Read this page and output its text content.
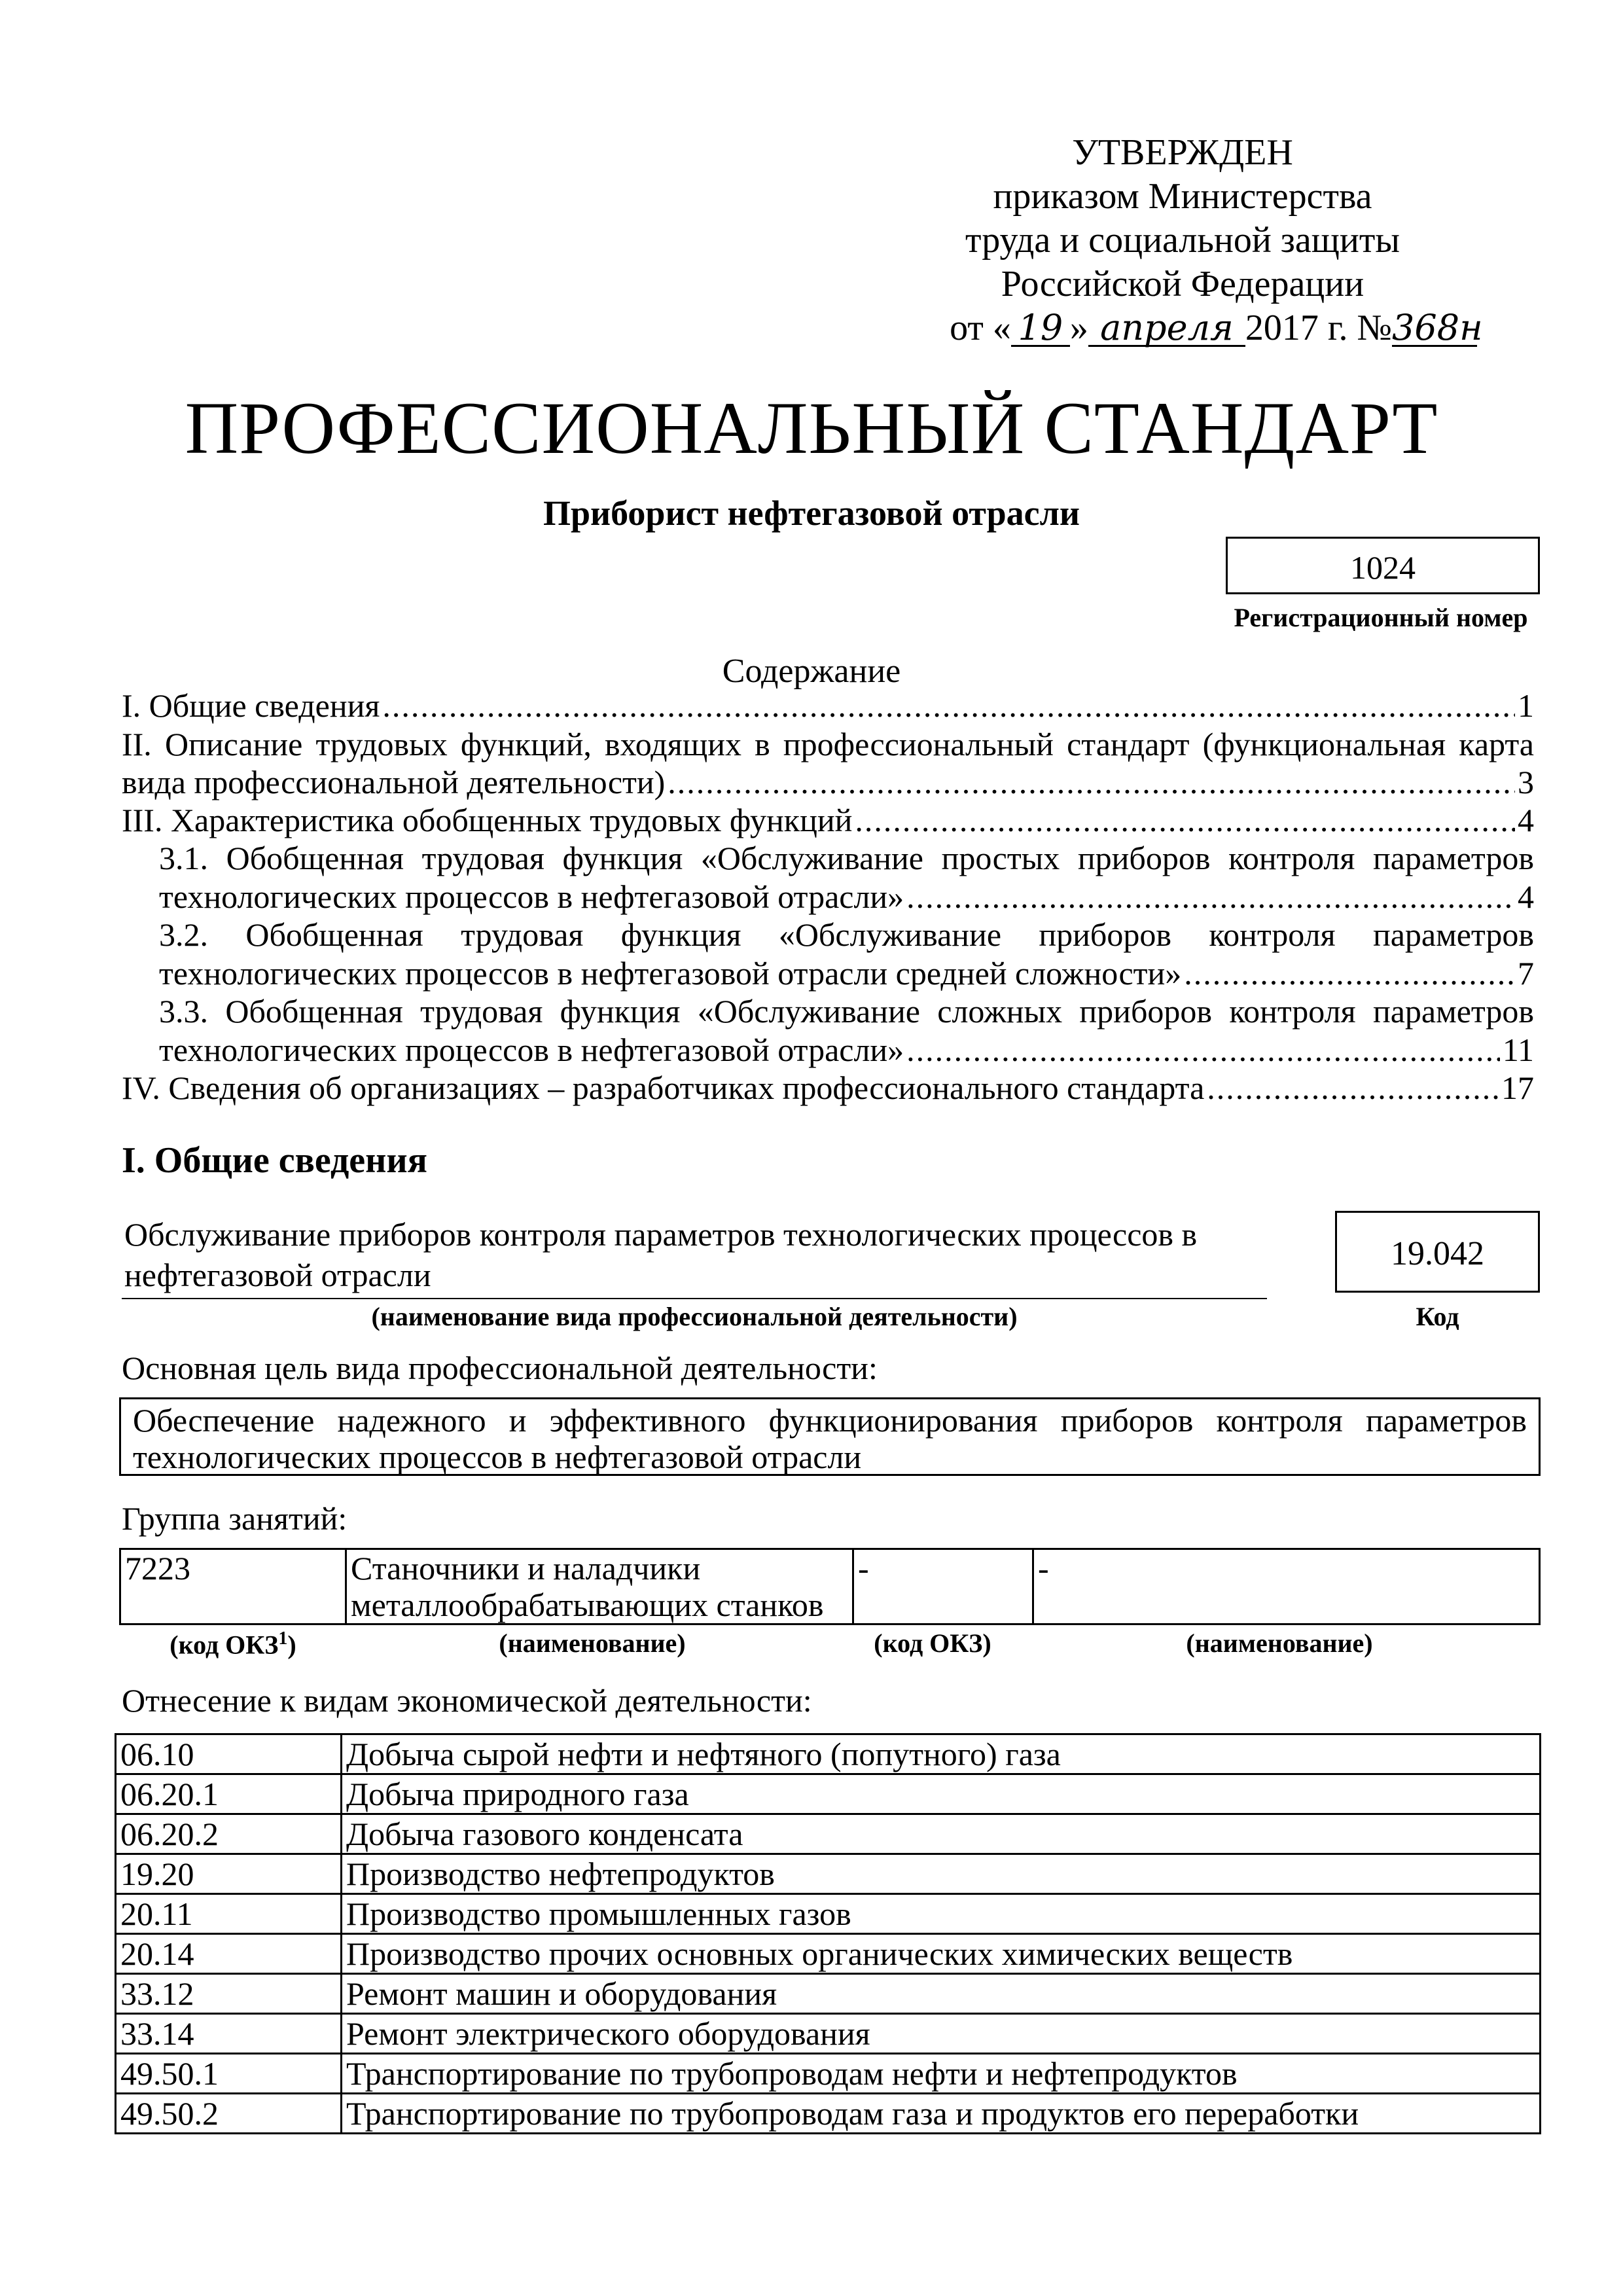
УТВЕРЖДЕН
приказом Министерства
труда и социальной защиты
Российской Федерации
от « 19 » апреля 2017 г. №368н
ПРОФЕССИОНАЛЬНЫЙ СТАНДАРТ
Приборист нефтегазовой отрасли
1024
Регистрационный номер
Содержание
I. Общие сведения .....	1
II. Описание трудовых функций, входящих в профессиональный стандарт (функциональная карта
вида профессиональной деятельности) .....	3
III. Характеристика обобщенных трудовых функций .....	4
3.1. Обобщенная трудовая функция «Обслуживание простых приборов контроля параметров
технологических процессов в нефтегазовой отрасли» .....	4
3.2. Обобщенная трудовая функция «Обслуживание приборов контроля параметров
технологических процессов в нефтегазовой отрасли средней сложности» .....	7
3.3. Обобщенная трудовая функция «Обслуживание сложных приборов контроля параметров
технологических процессов в нефтегазовой отрасли» .....	11
IV. Сведения об организациях – разработчиках профессионального стандарта .....	17
I. Общие сведения
Обслуживание приборов контроля параметров технологических процессов в
нефтегазовой отрасли
(наименование вида профессиональной деятельности)
19.042
Код
Основная цель вида профессиональной деятельности:
Обеспечение надежного и эффективного функционирования приборов контроля параметров
технологических процессов в нефтегазовой отрасли
Группа занятий:
7223	Станочники и наладчики
металлообрабатывающих станков
	-	-
(код ОКЗ$^1$)	(наименование)	(код ОКЗ)	(наименование)
Отнесение к видам экономической деятельности:
06.10	Добыча сырой нефти и нефтяного (попутного) газа
06.20.1	Добыча природного газа
06.20.2	Добыча газового конденсата
19.20	Производство нефтепродуктов
20.11	Производство промышленных газов
20.14	Производство прочих основных органических химических веществ
33.12	Ремонт машин и оборудования
33.14	Ремонт электрического оборудования
49.50.1	Транспортирование по трубопроводам нефти и нефтепродуктов
49.50.2	Транспортирование по трубопроводам газа и продуктов его переработки
